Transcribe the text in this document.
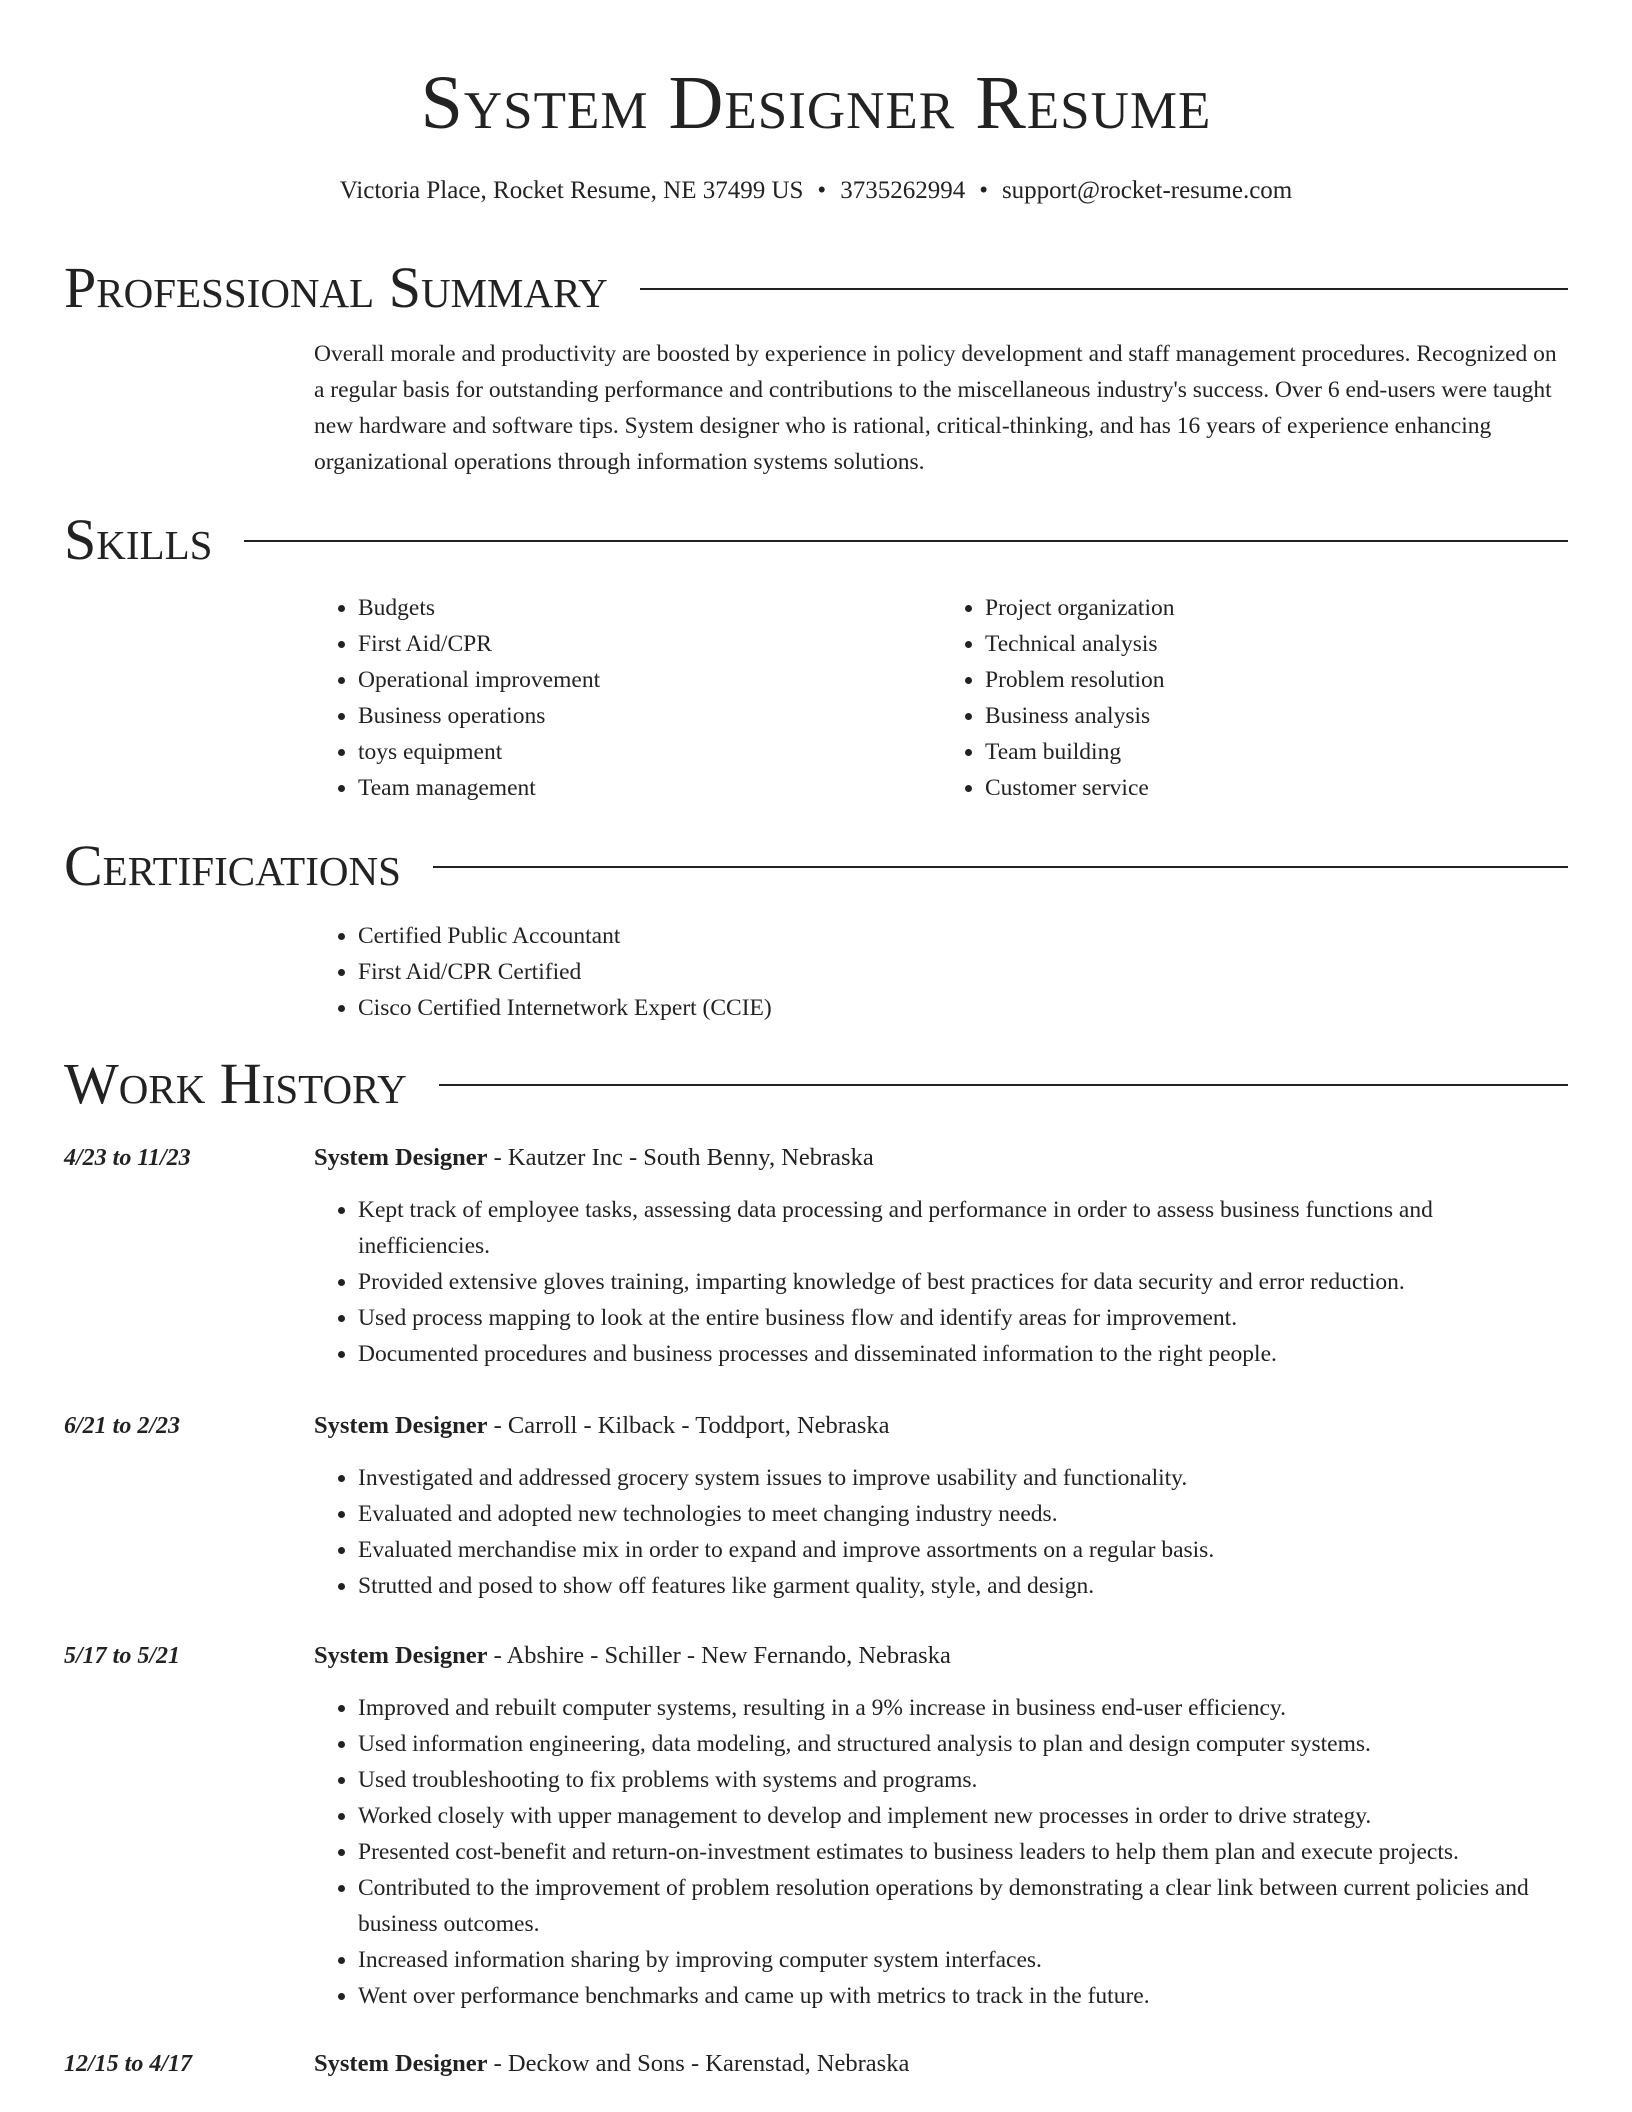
System Designer Resume
Victoria Place, Rocket Resume, NE 37499 US • 3735262994 • support@rocket-resume.com
Professional Summary

Overall morale and productivity are boosted by experience in policy development and staff management procedures. Recognized on a regular basis for outstanding performance and contributions to the miscellaneous industry's success. Over 6 end-users were taught new hardware and software tips. System designer who is rational, critical-thinking, and has 16 years of experience enhancing organizational operations through information systems solutions.

Skills
• Budgets
• First Aid/CPR
• Operational improvement
• Business operations
• toys equipment
• Team management
• Project organization
• Technical analysis
• Problem resolution
• Business analysis
• Team building
• Customer service
Certifications
• Certified Public Accountant
• First Aid/CPR Certified
• Cisco Certified Internetwork Expert (CCIE)
Work History
4/23 to 11/23	System Designer - Kautzer Inc - South Benny, Nebraska
• Kept track of employee tasks, assessing data processing and performance in order to assess business functions and inefficiencies.
• Provided extensive gloves training, imparting knowledge of best practices for data security and error reduction.
• Used process mapping to look at the entire business flow and identify areas for improvement.
• Documented procedures and business processes and disseminated information to the right people.
6/21 to 2/23	System Designer - Carroll - Kilback - Toddport, Nebraska
• Investigated and addressed grocery system issues to improve usability and functionality.
• Evaluated and adopted new technologies to meet changing industry needs.
• Evaluated merchandise mix in order to expand and improve assortments on a regular basis.
• Strutted and posed to show off features like garment quality, style, and design.
5/17 to 5/21	System Designer - Abshire - Schiller - New Fernando, Nebraska
• Improved and rebuilt computer systems, resulting in a 9% increase in business end-user efficiency.
• Used information engineering, data modeling, and structured analysis to plan and design computer systems.
• Used troubleshooting to fix problems with systems and programs.
• Worked closely with upper management to develop and implement new processes in order to drive strategy.
• Presented cost-benefit and return-on-investment estimates to business leaders to help them plan and execute projects.
• Contributed to the improvement of problem resolution operations by demonstrating a clear link between current policies and business outcomes.
• Increased information sharing by improving computer system interfaces.
• Went over performance benchmarks and came up with metrics to track in the future.
12/15 to 4/17	System Designer - Deckow and Sons - Karenstad, Nebraska
